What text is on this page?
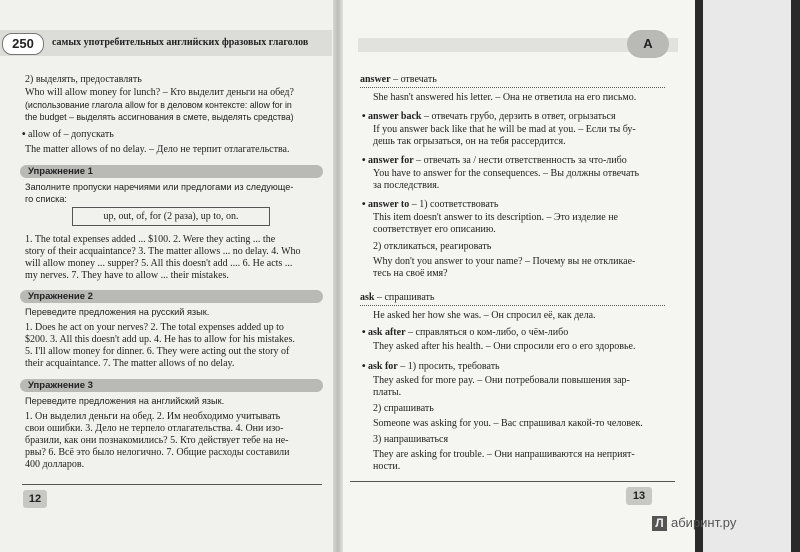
250	самых употребительных английских фразовых глаголов
2) выделять, предоставлять
Who will allow money for lunch? – Кто выделит деньги на обед?
(использование глагола allow for в деловом контексте: allow for in
the budget – выделять ассигнования в смете, выделять средства)
• allow of – допускать
The matter allows of no delay. – Дело не терпит отлагательства.
Упражнение 1
Заполните пропуски наречиями или предлогами из следующе-
го списка:
up, out, of, for (2 раза), up to, on.
1. The total expenses added ... $100. 2. Were they acting ... the
story of their acquaintance? 3. The matter allows ... no delay. 4. Who
will allow money ... supper? 5. All this doesn't add .... 6. He acts ...
my nerves. 7. They have to allow ... their mistakes.
Упражнение 2
Переведите предложения на русский язык.
1. Does he act on your nerves? 2. The total expenses added up to
$200. 3. All this doesn't add up. 4. He has to allow for his mistakes.
5. I'll allow money for dinner. 6. They were acting out the story of
their acquaintance. 7. The matter allows of no delay.
Упражнение 3
Переведите предложения на английский язык.
1. Он выделил деньги на обед. 2. Им необходимо учитывать
свои ошибки. 3. Дело не терпело отлагательства. 4. Они изо-
бразили, как они познакомились? 5. Кто действует тебе на не-
рвы? 6. Всё это было нелогично. 7. Общие расходы составили
400 долларов.
12
A
answer – отвечать
She hasn't answered his letter. – Она не ответила на его письмо.
• answer back – отвечать грубо, дерзить в ответ, огрызаться
If you answer back like that he will be mad at you. – Если ты бу-
дешь так огрызаться, он на тебя рассердится.
• answer for – отвечать за / нести ответственность за что-либо
You have to answer for the consequences. – Вы должны отвечать
за последствия.
• answer to – 1) соответствовать
This item doesn't answer to its description. – Это изделие не
соответствует его описанию.
2) откликаться, реагировать
Why don't you answer to your name? – Почему вы не откликае-
тесь на своё имя?
ask – спрашивать
He asked her how she was. – Он спросил её, как дела.
• ask after – справляться о ком-либо, о чём-либо
They asked after his health. – Они спросили его о его здоровье.
• ask for – 1) просить, требовать
They asked for more pay. – Они потребовали повышения зар-
платы.
2) спрашивать
Someone was asking for you. – Вас спрашивал какой-то человек.
3) напрашиваться
They are asking for trouble. – Они напрашиваются на неприят-
ности.
13
Л абиринт.ру
